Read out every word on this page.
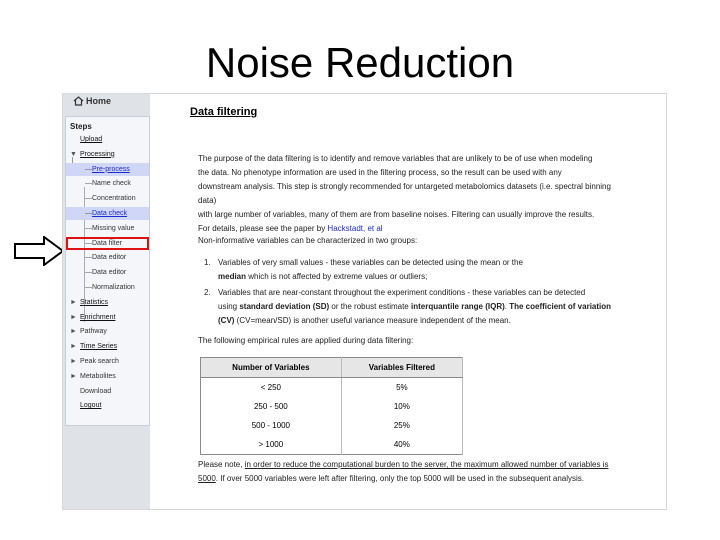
Noise Reduction
Home
Steps
Upload
▼ Processing
— Pre-process
— Name check
— Concentration
— Data check
— Missing value
— Data filter
— Data editor
— Data editor
— Normalization
► Statistics
► Enrichment
► Pathway
► Time Series
► Peak search
► Metabolites
Download
Logout
Data filtering
The purpose of the data filtering is to identify and remove variables that are unlikely to be of use when modeling
the data. No phenotype information are used in the filtering process, so the result can be used with any
downstream analysis. This step is strongly recommended for untargeted metabolomics datasets (i.e. spectral binning data)
with large number of variables, many of them are from baseline noises. Filtering can usually improve the results.
For details, please see the paper by Hackstadt, et al
Non-informative variables can be characterized in two groups:
1. Variables of very small values - these variables can be detected using the mean or the
median which is not affected by extreme values or outliers;
2. Variables that are near-constant throughout the experiment conditions - these variables can be detected
using standard deviation (SD) or the robust estimate interquantile range (IQR). The coefficient of variation (CV) (CV=mean/SD) is another useful variance measure independent of the mean.
The following empirical rules are applied during data filtering:
Number of Variables	Variables Filtered
< 250	5%
250 - 500	10%
500 - 1000	25%
> 1000	40%
Please note, in order to reduce the computational burden to the server, the maximum allowed number of variables is 5000. If over 5000 variables were left after filtering, only the top 5000 will be used in the subsequent analysis.
